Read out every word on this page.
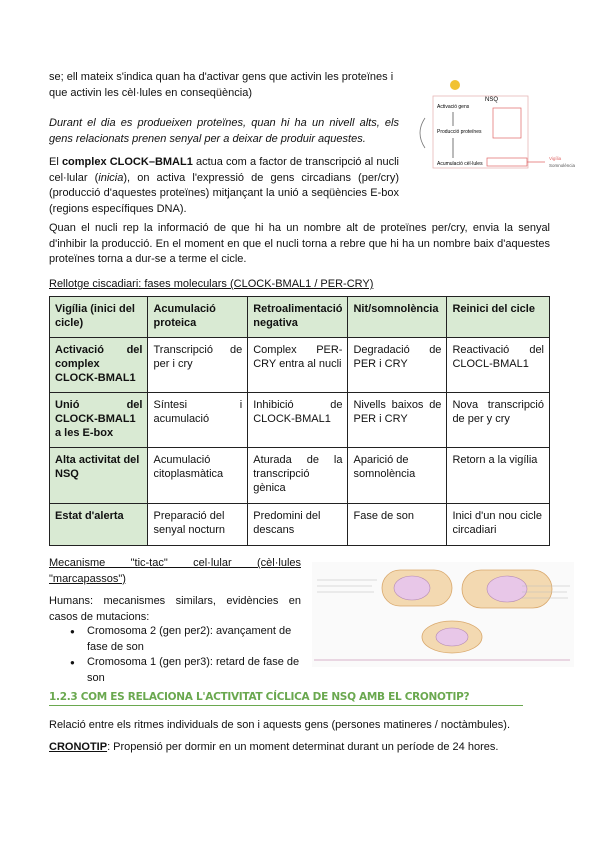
se; ell mateix s'indica quan ha d'activar gens que activin les proteïnes i
que activin les cèl·lules en conseqüència)
Durant el dia es produeixen proteïnes, quan hi ha un nivell alts, els gens relacionats prenen senyal per a deixar de produir aquestes.
El complex CLOCK–BMAL1 actua com a factor de transcripció al nucli cel·lular (inicia), on activa l'expressió de gens circadians (per/cry) (producció d'aquestes proteïnes) mitjançant la unió a seqüències E-box (regions específiques DNA).
NSQ
Activació gens
Producció proteïnes
Acumulació cèl·lules
Vigília
Somnolència
Quan el nucli rep la informació de que hi ha un nombre alt de proteïnes per/cry, envia la senyal d'inhibir la producció. En el moment en que el nucli torna a rebre que hi ha un nombre baix d'aquestes proteïnes torna a dur-se a terme el cicle.
Rellotge ciscadiari: fases moleculars (CLOCK-BMAL1 / PER-CRY)
Vigília (inici del cicle)	Acumulació proteica	Retroalimentació negativa	Nit/somnolència	Reinici del cicle
Activació del complex CLOCK-BMAL1	Transcripció de per i cry	Complex PER-CRY entra al nucli	Degradació de PER i CRY	Reactivació del CLOCL-BMAL1
Unió del CLOCK-BMAL1 a les E-box	Síntesi i acumulació	Inhibició de CLOCK-BMAL1	Nivells baixos de PER i CRY	Nova transcripció de per y cry
Alta activitat del NSQ	Acumulació citoplasmàtica	Aturada de la transcripció gènica	Aparició de somnolència	Retorn a la vigília
Estat d'alerta	Preparació del senyal nocturn	Predomini del descans	Fase de son	Inici d'un nou cicle circadiari
Mecanisme "tic-tac" cel·lular (cèl·lules "marcapassos")
Humans: mecanismes similars, evidències en casos de mutacions:
● Cromosoma 2 (gen per2): avançament de fase de son
● Cromosoma 1 (gen per3): retard de fase de son
1.2.3 COM ES RELACIONA L'ACTIVITAT CÍCLICA DE NSQ AMB EL CRONOTIP?
Relació entre els ritmes individuals de son i aquests gens (persones matineres / noctàmbules).
CRONOTIP: Propensió per dormir en un moment determinat durant un període de 24 hores.
